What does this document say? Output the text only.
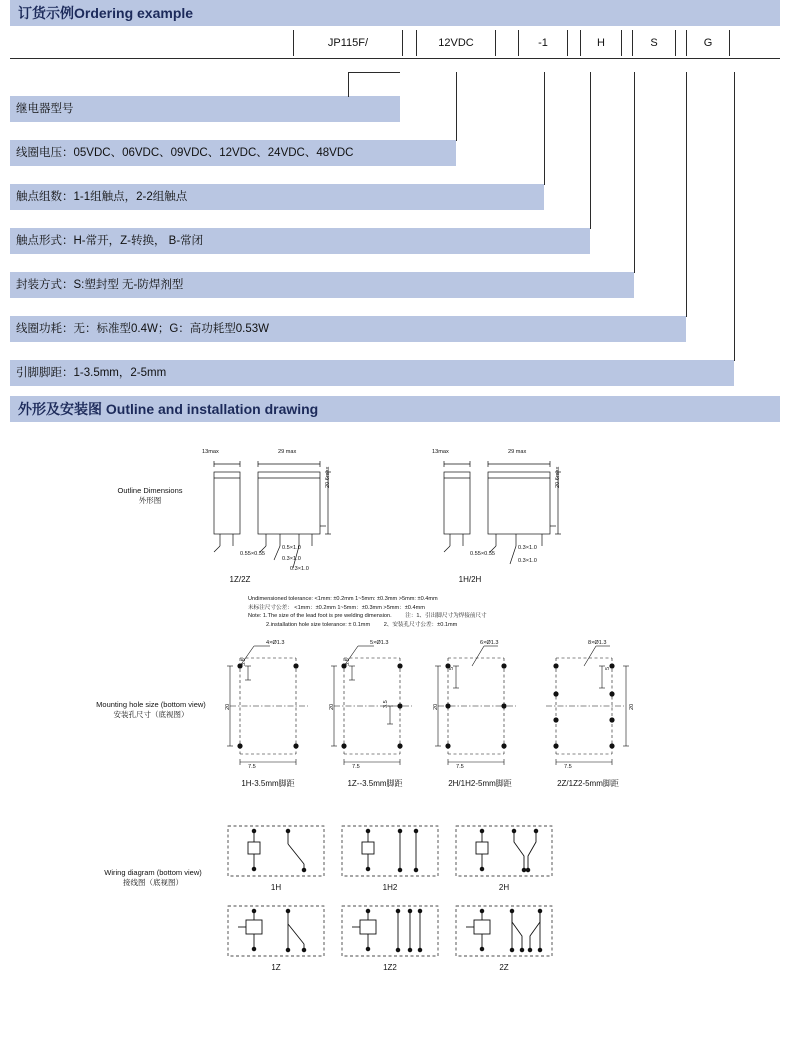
订货示例Ordering example
JP115F/	12VDC	-1	H	S	G
继电器型号
线圈电压：05VDC、06VDC、09VDC、12VDC、24VDC、48VDC
触点组数：1-1组触点，2-2组触点
触点形式：H-常开，Z-转换， B-常闭
封装方式：S:塑封型 无-防焊剂型
线圈功耗：无：标准型0.4W；G：高功耗型0.53W
引脚脚距：1-3.5mm，2-5mm
外形及安装图 Outline and installation drawing
Outline Dimensions
外形图
13max	29 max
20.6max
0.55×0.55
0.5×1.0
0.3×1.0
0.3×1.0
1Z/2Z
13max	29 max
20.6max
0.55×0.55
0.3×1.0
0.3×1.0
1H/2H
Undimensioned tolerance: <1mm: ±0.2mm 1~5mm: ±0.3mm >5mm: ±0.4mm
未标注尺寸公差： <1mm：±0.2mm 1~5mm：±0.3mm >5mm：±0.4mm
Note: 1.The size of the lead foot is pre welding dimension. 注：1、引出脚尺寸为焊接前尺寸
2.installation hole size tolerance: ± 0.1mm 2、安装孔尺寸公差：±0.1mm
Mounting hole size (bottom view)
安装孔尺寸（底视图）
4×Ø1.3
3.5
20
7.5
1H-3.5mm脚距
5×Ø1.3
3.5
3.5
20
7.5
1Z--3.5mm脚距
6×Ø1.3
5
20
7.5
2H/1H2-5mm脚距
8×Ø1.3
5
20
7.5
2Z/1Z2-5mm脚距
Wiring diagram (bottom view)
接线图（底视图）
1H	1H2	2H
1Z	1Z2	2Z
